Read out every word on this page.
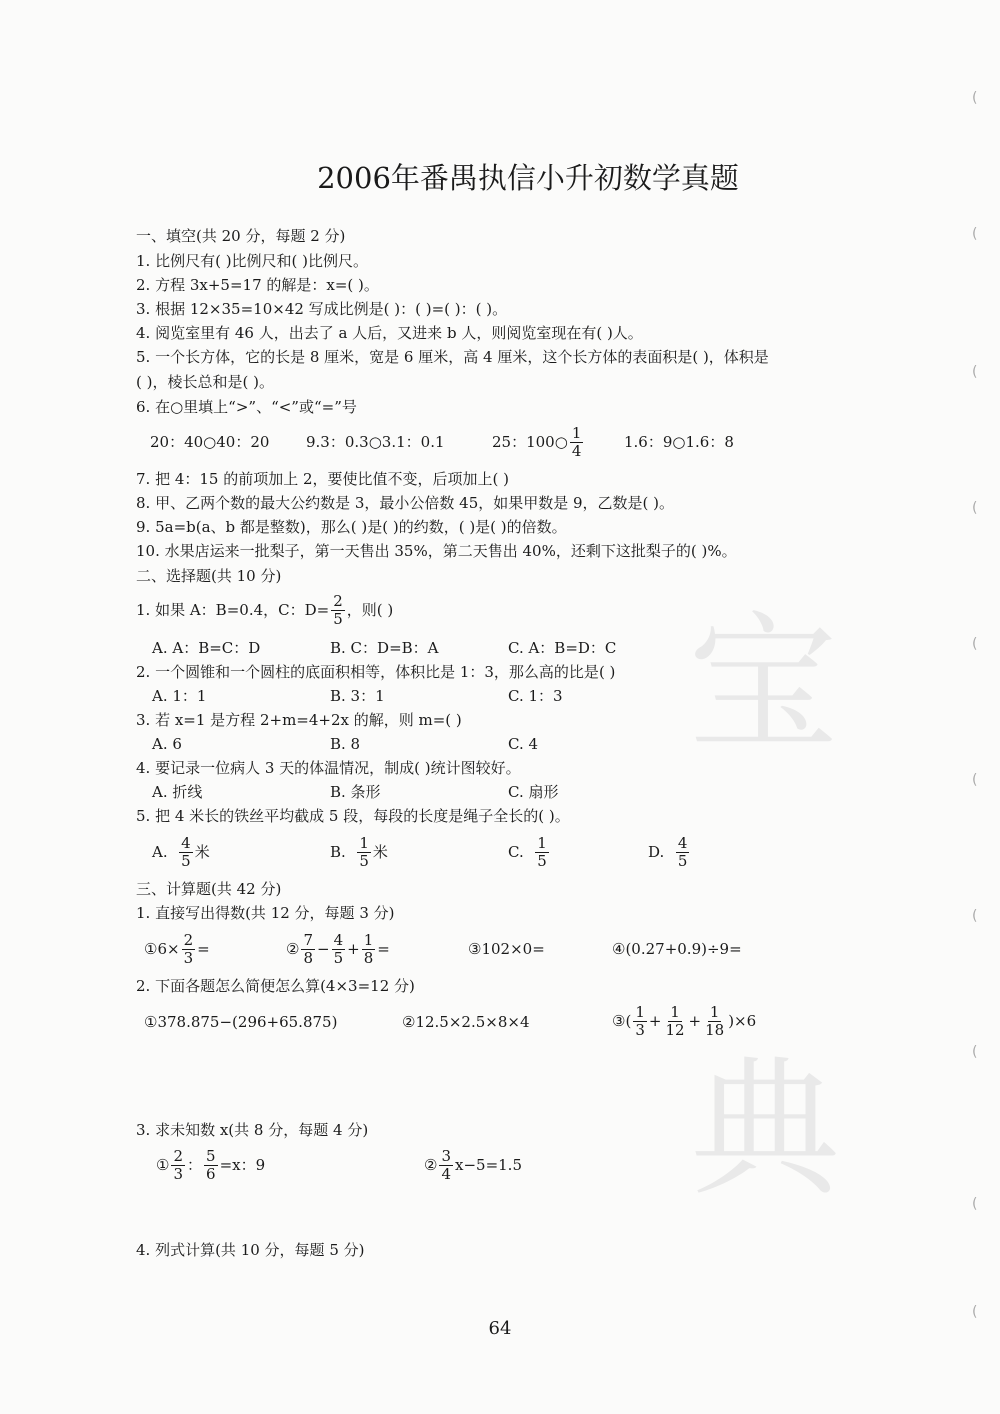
宝
典
(
(
(
(
(
(
(
(
(
(
2006年番禺执信小升初数学真题
一、填空(共 20 分，每题 2 分)
1. 比例尺有( )比例尺和( )比例尺。
2. 方程 3x+5=17 的解是：x=( )。
3. 根据 12×35=10×42 写成比例是( )：( )=( )：( )。
4. 阅览室里有 46 人，出去了 a 人后，又进来 b 人，则阅览室现在有( )人。
5. 一个长方体，它的长是 8 厘米，宽是 6 厘米，高 4 厘米，这个长方体的表面积是( )，体积是
( )，棱长总和是( )。
6. 在○里填上“>”、“<”或“=”号
20：40○40：20 9.3：0.3○3.1：0.1	25：100○ $\frac{1}{4}$	1.6：9○1.6：8
7. 把 4：15 的前项加上 2，要使比值不变，后项加上( )
8. 甲、乙两个数的最大公约数是 3，最小公倍数 45，如果甲数是 9，乙数是( )。
9. 5a=b(a、b 都是整数)，那么( )是( )的约数，( )是( )的倍数。
10. 水果店运来一批梨子，第一天售出 35%，第二天售出 40%，还剩下这批梨子的( )%。
二、选择题(共 10 分)
1. 如果 A：B=0.4，C：$D= \frac{2}{5}$ ，则( )
A. A：B=C：D	B. C：D=B：A	C. A：B=D：C
2. 一个圆锥和一个圆柱的底面积相等，体积比是 1：3，那么高的比是( )
A. 1：1	B. 3：1	C. 1：3
3. 若 x=1 是方程 2+m=4+2x 的解，则 m=( )
A. 6	B. 8	C. 4
4. 要记录一位病人 3 天的体温情况，制成( )统计图较好。
A. 折线	B. 条形	C. 扇形
5. 把 4 米长的铁丝平均截成 5 段，每段的长度是绳子全长的( )。
A.
$\frac{4}{5}$ 米	B.
$\frac{1}{5}$ 米	C.
$\frac{1}{5}$	D.
$\frac{4}{5}$
三、计算题(共 42 分)
1. 直接写出得数(共 12 分，每题 3 分)
①6× $\frac{2}{3}$ =	② $\frac{7}{8} - \frac{4}{5} + \frac{1}{8}$ =	③102×0=	④(0.27+0.9)÷9=
2. 下面各题怎么简便怎么算(4×3=12 分)
①378.875−(296+65.875)	②12.5×2.5×8×4	③( $\frac{1}{3} + \frac{1}{12} + \frac{1}{18} )\times 6$
3. 求未知数 x(共 8 分，每题 4 分)
① $\frac{2}{3}$ ： $\frac{5}{6} =x$：9	② $\frac{3}{4} x-5=1.5$
4. 列式计算(共 10 分，每题 5 分)
64
